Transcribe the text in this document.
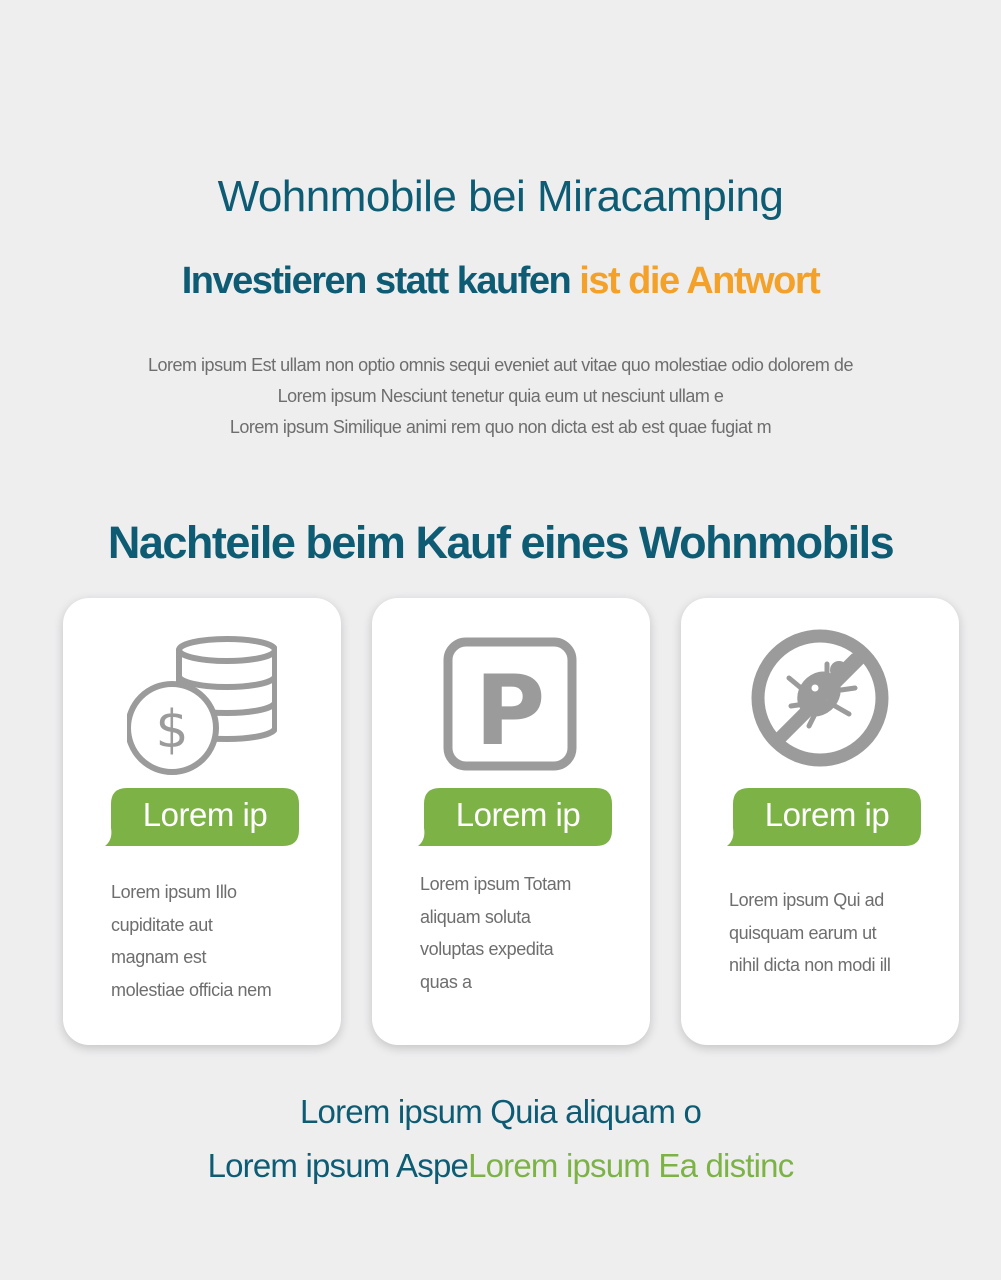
Wohnmobile bei Miracamping
Investieren statt kaufen ist die Antwort
Lorem ipsum Est ullam non optio omnis sequi eveniet aut vitae quo molestiae odio dolorem de
Lorem ipsum Nesciunt tenetur quia eum ut nesciunt ullam e
Lorem ipsum Similique animi rem quo non dicta est ab est quae fugiat m
Nachteile beim Kauf eines Wohnmobils
$
Lorem ip
Lorem ipsum Illo
cupiditate aut
magnam est
molestiae officia nem
P
Lorem ip
Lorem ipsum Totam
aliquam soluta
voluptas expedita
quas a
Lorem ip
Lorem ipsum Qui ad
quisquam earum ut
nihil dicta non modi ill
Lorem ipsum Quia aliquam o
Lorem ipsum AspeLorem ipsum Ea distinc
